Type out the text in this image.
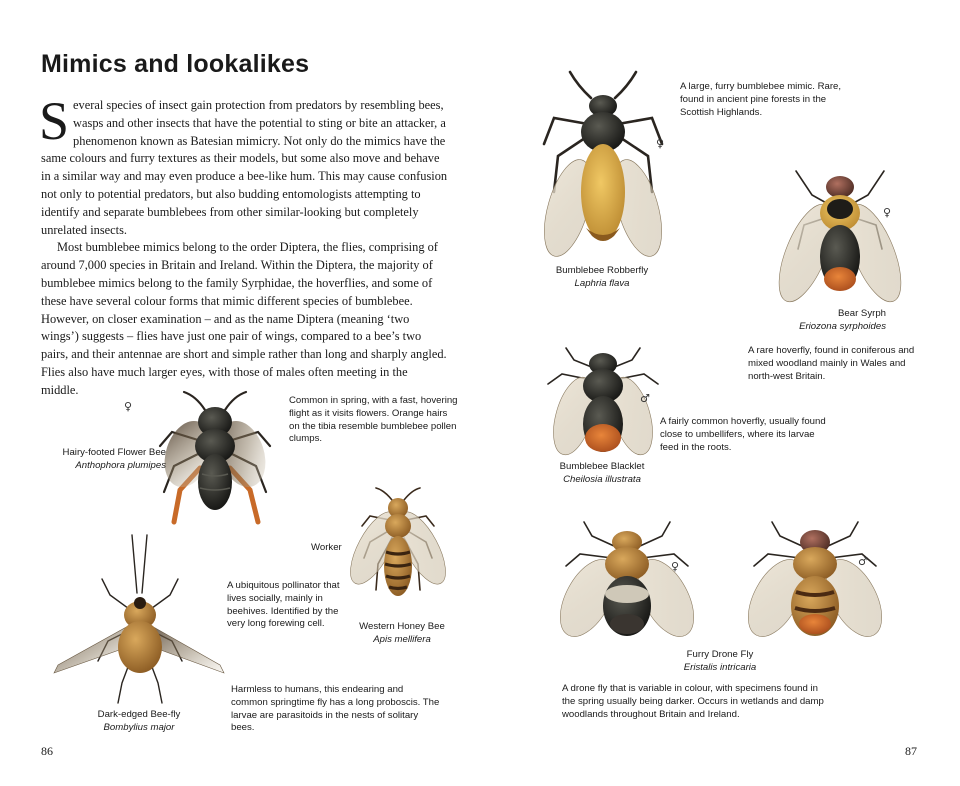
Mimics and lookalikes

Several species of insect gain protection from predators by resembling bees, wasps and other insects that have the potential to sting or bite an attacker, a phenomenon known as Batesian mimicry. Not only do the mimics have the same colours and furry textures as their models, but some also move and behave in a similar way and may even produce a bee-like hum. This may cause confusion not only to potential predators, but also budding entomologists attempting to identify and separate bumblebees from other similar-looking but completely unrelated insects.

Most bumblebee mimics belong to the order Diptera, the flies, comprising of around 7,000 species in Britain and Ireland. Within the Diptera, the majority of bumblebee mimics belong to the family Syrphidae, the hoverflies, and some of these have several colour forms that mimic different species of bumblebee. However, on closer examination – and as the name Diptera (meaning ‘two wings’) suggests – flies have just one pair of wings, compared to a bee’s two pairs, and their antennae are short and simple rather than long and sharply angled. Flies also have much larger eyes, with those of males often meeting in the middle.

♀
Hairy-footed Flower Bee
Anthophora plumipes
Common in spring, with a fast, hovering flight as it visits flowers. Orange hairs on the tibia resemble bumblebee pollen clumps.
Worker
A ubiquitous pollinator that lives socially, mainly in beehives. Identified by the very long forewing cell.	Western Honey Bee
Apis mellifera
Dark-edged Bee-fly
Bombylius major
Harmless to humans, this endearing and common springtime fly has a long proboscis. The larvae are parasitoids in the nests of solitary bees.
86
♀
A large, furry bumblebee mimic. Rare, found in ancient pine forests in the Scottish Highlands.
Bumblebee Robberfly
Laphria flava
♀
Bear Syrph
Eriozona syrphoides
A rare hoverfly, found in coniferous and mixed woodland mainly in Wales and north-west Britain.
♂
A fairly common hoverfly, usually found close to umbellifers, where its larvae feed in the roots.
Bumblebee Blacklet
Cheilosia illustrata
♀	♂
Furry Drone Fly
Eristalis intricaria
A drone fly that is variable in colour, with specimens found in the spring usually being darker. Occurs in wetlands and damp woodlands throughout Britain and Ireland.
87
